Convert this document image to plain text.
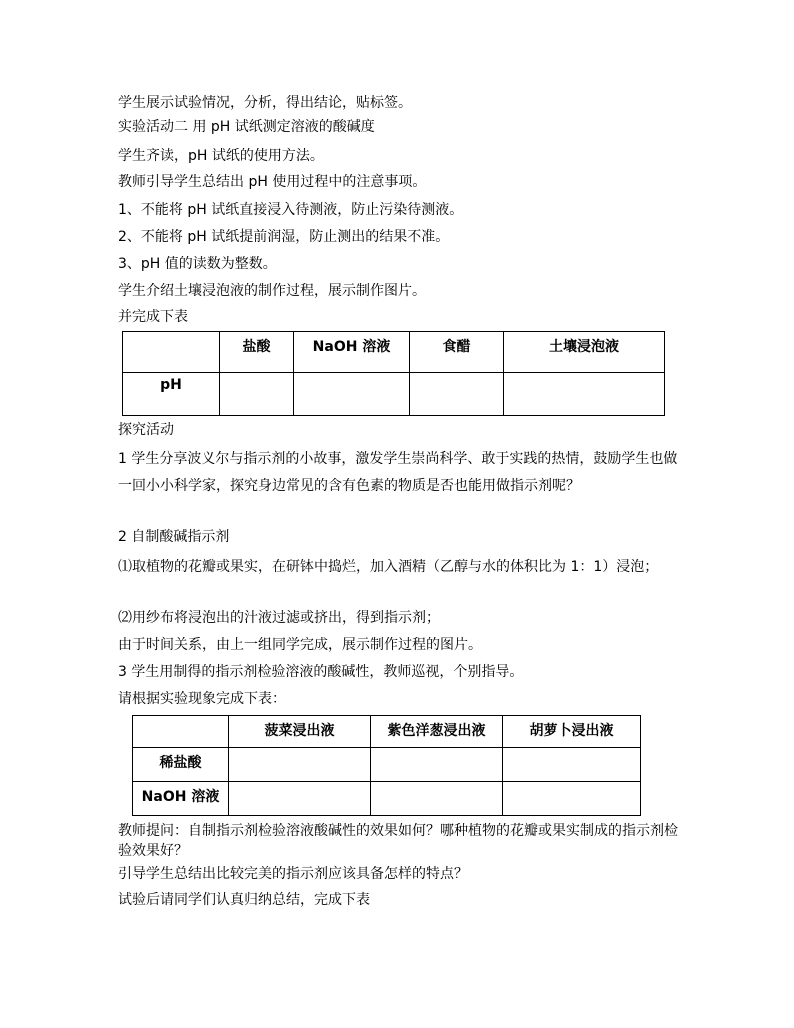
学生展示试验情况，分析，得出结论，贴标签。
实验活动二 用 pH 试纸测定溶液的酸碱度
学生齐读，pH 试纸的使用方法。
教师引导学生总结出 pH 使用过程中的注意事项。
1、不能将 pH 试纸直接浸入待测液，防止污染待测液。
2、不能将 pH 试纸提前润湿，防止测出的结果不准。
3、pH 值的读数为整数。
学生介绍土壤浸泡液的制作过程，展示制作图片。
并完成下表
	盐酸	NaOH 溶液	食醋	土壤浸泡液
pH				
探究活动
1 学生分享波义尔与指示剂的小故事，激发学生崇尚科学、敢于实践的热情，鼓励学生也做一回小小科学家，探究身边常见的含有色素的物质是否也能用做指示剂呢？
2 自制酸碱指示剂
⑴取植物的花瓣或果实，在研钵中捣烂，加入酒精（乙醇与水的体积比为 1：1）浸泡；
⑵用纱布将浸泡出的汁液过滤或挤出，得到指示剂；
由于时间关系，由上一组同学完成，展示制作过程的图片。
3 学生用制得的指示剂检验溶液的酸碱性，教师巡视，个别指导。
请根据实验现象完成下表：
	菠菜浸出液	紫色洋葱浸出液	胡萝卜浸出液
稀盐酸			
NaOH 溶液			
教师提问：自制指示剂检验溶液酸碱性的效果如何？哪种植物的花瓣或果实制成的指示剂检验效果好？
引导学生总结出比较完美的指示剂应该具备怎样的特点？
试验后请同学们认真归纳总结，完成下表
